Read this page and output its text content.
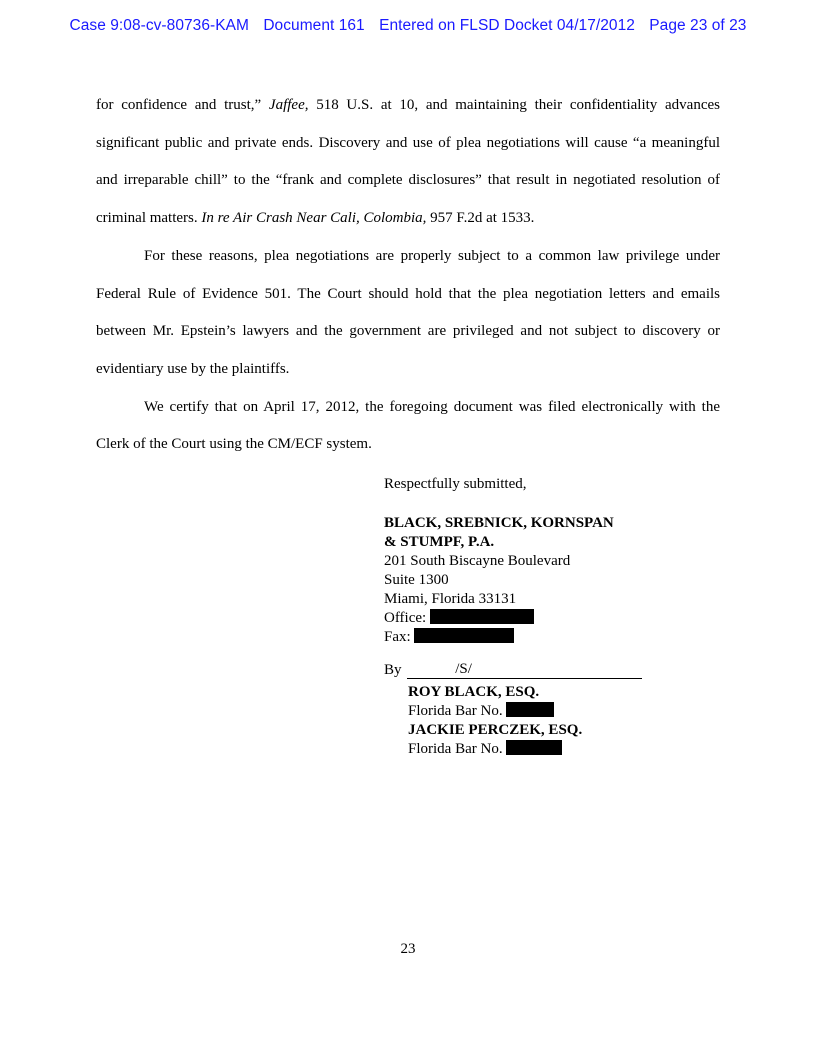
Case 9:08-cv-80736-KAM Document 161 Entered on FLSD Docket 04/17/2012 Page 23 of 23
for confidence and trust,” Jaffee, 518 U.S. at 10, and maintaining their confidentiality advances
significant public and private ends. Discovery and use of plea negotiations will cause “a meaningful
and irreparable chill” to the “frank and complete disclosures” that result in negotiated resolution of
criminal matters. In re Air Crash Near Cali, Colombia, 957 F.2d at 1533.
For these reasons, plea negotiations are properly subject to a common law privilege under
Federal Rule of Evidence 501. The Court should hold that the plea negotiation letters and emails
between Mr. Epstein’s lawyers and the government are privileged and not subject to discovery or
evidentiary use by the plaintiffs.
We certify that on April 17, 2012, the foregoing document was filed electronically with the
Clerk of the Court using the CM/ECF system.
Respectfully submitted,
BLACK, SREBNICK, KORNSPAN
& STUMPF, P.A.
201 South Biscayne Boulevard
Suite 1300
Miami, Florida 33131
Office:
Fax:
By	/S/
ROY BLACK, ESQ.
Florida Bar No.
JACKIE PERCZEK, ESQ.
Florida Bar No.
23
